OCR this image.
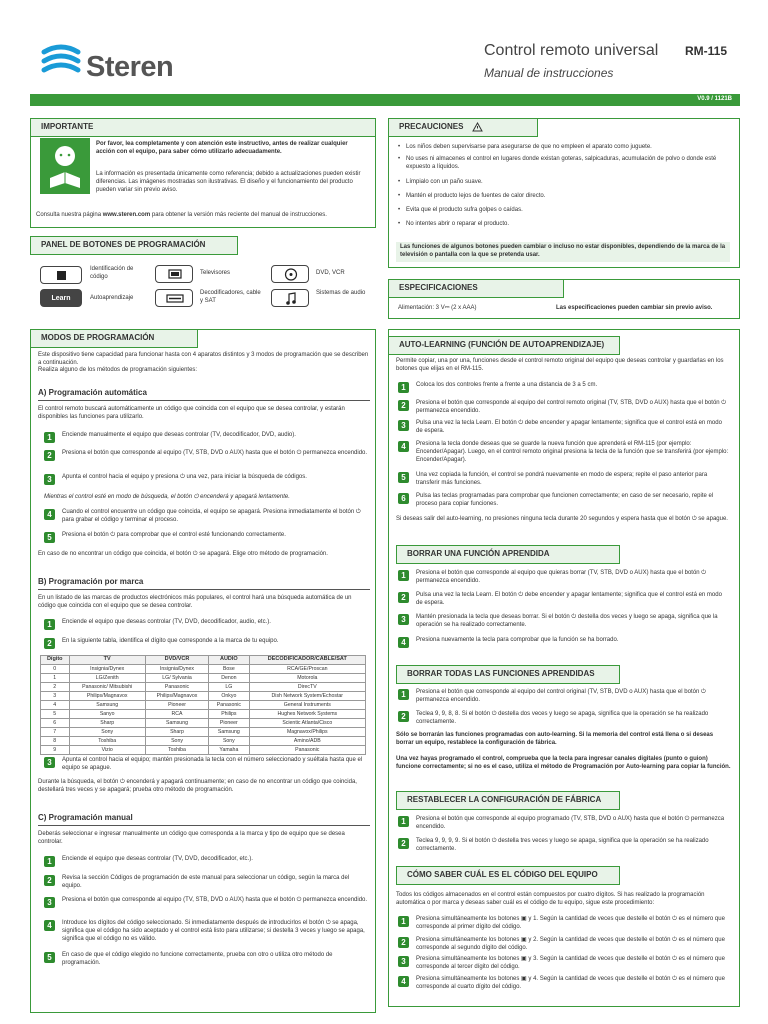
Steren
Control remoto universal RM-115
Manual de instrucciones
V0.9 / 1121B
IMPORTANTE
Por favor, lea completamente y con atención este instructivo, antes de realizar cualquier acción con el equipo, para saber cómo utilizarlo adecuadamente.
La información es presentada únicamente como referencia; debido a actualizaciones pueden existir diferencias. Las imágenes mostradas son ilustrativas. El diseño y el funcionamiento del producto pueden variar sin previo aviso.
Consulta nuestra página www.steren.com para obtener la versión más reciente del manual de instrucciones.
PANEL DE BOTONES DE PROGRAMACIÓN
Identificación de código
Televisores	DVD, VCR
Learn	Autoaprendizaje
Decodificadores, cable y SAT
Sistemas de audio
PRECAUCIONES
• Los niños deben supervisarse para asegurarse de que no empleen el aparato como juguete.
• No uses ni almacenes el control en lugares donde existan goteras, salpicaduras, acumulación de polvo o donde esté expuesto a líquidos.
• Límpialo con un paño suave.
• Mantén el producto lejos de fuentes de calor directo.
• Evita que el producto sufra golpes o caídas.
• No intentes abrir o reparar el producto.
Las funciones de algunos botones pueden cambiar o incluso no estar disponibles, dependiendo de la marca de la televisión o pantalla con la que se pretenda usar.
ESPECIFICACIONES
Alimentación: 3 V⎓ (2 x AAA)	Las especificaciones pueden cambiar sin previo aviso.
MODOS DE PROGRAMACIÓN
Este dispositivo tiene capacidad para funcionar hasta con 4 aparatos distintos y 3 modos de programación que se describen a continuación.
Realiza alguno de los métodos de programación siguientes:
A) Programación automática
El control remoto buscará automáticamente un código que coincida con el equipo que se desea controlar, y estarán disponibles las funciones para utilizarlo.
1	Enciende manualmente el equipo que deseas controlar (TV, decodificador, DVD, audio).
2	Presiona el botón que corresponde al equipo (TV, STB, DVD o AUX) hasta que el botón ⏻ permanezca encendido.
3	Apunta el control hacia el equipo y presiona ⏻ una vez, para iniciar la búsqueda de códigos.
Mientras el control esté en modo de búsqueda, el botón ⏻ encenderá y apagará lentamente.
4	Cuando el control encuentre un código que coincida, el equipo se apagará. Presiona inmediatamente el botón ⏻ para grabar el código y terminar el proceso.
5	Presiona el botón ⏻ para comprobar que el control esté funcionando correctamente.
En caso de no encontrar un código que coincida, el botón ⏻ se apagará. Elige otro método de programación.
B) Programación por marca
En un listado de las marcas de productos electrónicos más populares, el control hará una búsqueda automática de un código que coincida con el equipo que se desea controlar.
1	Enciende el equipo que deseas controlar (TV, DVD, decodificador, audio, etc.).
2	En la siguiente tabla, identifica el dígito que corresponde a la marca de tu equipo.
Dígito	TV	DVD/VCR	AUDIO	DECODIFICADOR/CABLE/SAT
0	Insignia/Dynex	Insignia/Dynex	Bose	RCA/GE/Proscan
1	LG/Zenith	LG/ Sylvania	Denon	Motorola
2	Panasonic/ Mitsubishi	Panasonic	LG	DirecTV
3	Philips/Magnavox	Philips/Magnavox	Onkyo	Dish Network System/Echostar
4	Samsung	Pioneer	Panasonic	General Instruments
5	Sanyo	RCA	Philips	Hughes Network Systems
6	Sharp	Samsung	Pioneer	Scientic Atlanta/Cisco
7	Sony	Sharp	Samsung	Magnavox/Philips
8	Toshiba	Sony	Sony	Amino/ADB
9	Vizio	Toshiba	Yamaha	Panasonic
3	Apunta el control hacia el equipo; mantén presionada la tecla con el número seleccionado y suéltala hasta que el equipo se apague.
Durante la búsqueda, el botón ⏻ encenderá y apagará continuamente; en caso de no encontrar un código que coincida, destellará tres veces y se apagará; prueba otro método de programación.
C) Programación manual
Deberás seleccionar e ingresar manualmente un código que corresponda a la marca y tipo de equipo que se desea controlar.
1	Enciende el equipo que deseas controlar (TV, DVD, decodificador, etc.).
2	Revisa la sección Códigos de programación de este manual para seleccionar un código, según la marca del equipo.
3	Presiona el botón que corresponde al equipo (TV, STB, DVD o AUX) hasta que el botón ⏻ permanezca encendido.
4	Introduce los dígitos del código seleccionado. Si inmediatamente después de introducirlos el botón ⏻ se apaga, significa que el código ha sido aceptado y el control está listo para utilizarse; si destella 3 veces y luego se apaga, significa que el código no es válido.
5	En caso de que el código elegido no funcione correctamente, prueba con otro o utiliza otro método de programación.
AUTO-LEARNING (FUNCIÓN DE AUTOAPRENDIZAJE)
Permite copiar, una por una, funciones desde el control remoto original del equipo que deseas controlar y guardarlas en los botones que elijas en el RM-115.
1	Coloca los dos controles frente a frente a una distancia de 3 a 5 cm.
2	Presiona el botón que corresponde al equipo del control remoto original (TV, STB, DVD o AUX) hasta que el botón ⏻ permanezca encendido.
3	Pulsa una vez la tecla Learn. El botón ⏻ debe encender y apagar lentamente; significa que el control está en modo de espera.
4	Presiona la tecla donde deseas que se guarde la nueva función que aprenderá el RM-115 (por ejemplo: Encender/Apagar). Luego, en el control remoto original presiona la tecla de la función que se transferirá (por ejemplo: Encender/Apagar).
5	Una vez copiada la función, el control se pondrá nuevamente en modo de espera; repite el paso anterior para transferir más funciones.
6	Pulsa las teclas programadas para comprobar que funcionen correctamente; en caso de ser necesario, repite el proceso para copiar funciones.
Si deseas salir del auto-learning, no presiones ninguna tecla durante 20 segundos y espera hasta que el botón ⏻ se apague.
BORRAR UNA FUNCIÓN APRENDIDA
1	Presiona el botón que corresponde al equipo que quieras borrar (TV, STB, DVD o AUX) hasta que el botón ⏻ permanezca encendido.
2	Pulsa una vez la tecla Learn. El botón ⏻ debe encender y apagar lentamente; significa que el control está en modo de espera.
3	Mantén presionada la tecla que deseas borrar. Si el botón ⏻ destella dos veces y luego se apaga, significa que la operación se ha realizado correctamente.
4	Presiona nuevamente la tecla para comprobar que la función se ha borrado.
BORRAR TODAS LAS FUNCIONES APRENDIDAS
1	Presiona el botón que corresponde al equipo del control original (TV, STB, DVD o AUX) hasta que el botón ⏻ permanezca encendido.
2	Teclea 9, 9, 8, 8. Si el botón ⏻ destella dos veces y luego se apaga, significa que la operación se ha realizado correctamente.
Sólo se borrarán las funciones programadas con auto-learning. Si la memoria del control está llena o si deseas borrar un equipo, restablece la configuración de fábrica.
Una vez hayas programado el control, comprueba que la tecla para ingresar canales digitales (punto o guion) funcione correctamente; si no es el caso, utiliza el método de Programación por Auto-learning para copiar la función.
RESTABLECER LA CONFIGURACIÓN DE FÁBRICA
1	Presiona el botón que corresponde al equipo programado (TV, STB, DVD o AUX) hasta que el botón ⏻ permanezca encendido.
2	Teclea 9, 9, 9, 9. Si el botón ⏻ destella tres veces y luego se apaga, significa que la operación se ha realizado correctamente.
CÓMO SABER CUÁL ES EL CÓDIGO DEL EQUIPO
Todos los códigos almacenados en el control están compuestos por cuatro dígitos. Si has realizado la programación automática o por marca y deseas saber cuál es el código de tu equipo, sigue este procedimiento:
1	Presiona simultáneamente los botones ▣ y 1. Según la cantidad de veces que destelle el botón ⏻ es el número que corresponde al primer dígito del código.
2	Presiona simultáneamente los botones ▣ y 2. Según la cantidad de veces que destelle el botón ⏻ es el número que corresponde al segundo dígito del código.
3	Presiona simultáneamente los botones ▣ y 3. Según la cantidad de veces que destelle el botón ⏻ es el número que corresponde al tercer dígito del código.
4	Presiona simultáneamente los botones ▣ y 4. Según la cantidad de veces que destelle el botón ⏻ es el número que corresponde al cuarto dígito del código.
